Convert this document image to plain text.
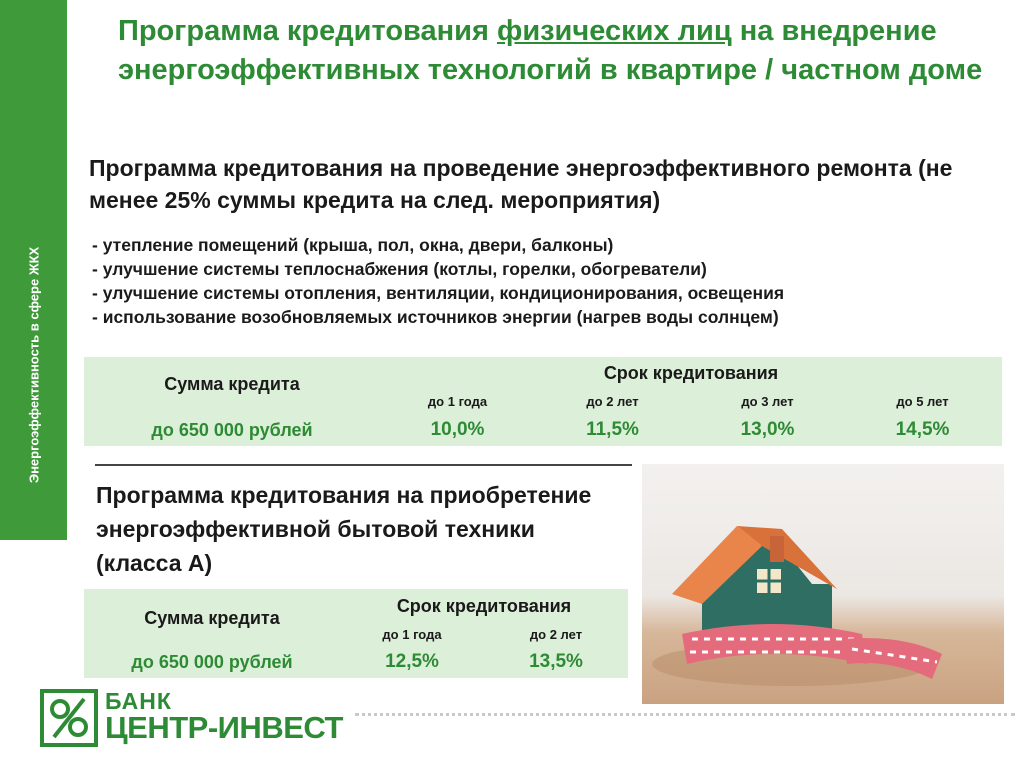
Энергоэффективность в сфере ЖКХ
Программа кредитования физических лиц на внедрение энергоэффективных технологий в квартире / частном доме
Программа кредитования на проведение энергоэффективного ремонта (не менее 25% суммы кредита на след. мероприятия)
- утепление помещений (крыша, пол, окна, двери, балконы)
- улучшение системы теплоснабжения (котлы, горелки, обогреватели)
- улучшение системы отопления, вентиляции, кондиционирования, освещения
- использование возобновляемых источников энергии (нагрев воды солнцем)
Сумма кредита
Срок кредитования
до 1 года	до 2 лет	до 3 лет	до 5 лет
до 650 000 рублей	10,0%	11,5%	13,0%	14,5%
Программа кредитования на приобретение энергоэффективной бытовой техники (класса А)
Сумма кредита
Срок кредитования
до 1 года	до 2 лет
до 650 000 рублей	12,5%	13,5%
БАНК
ЦЕНТР-ИНВЕСТ
